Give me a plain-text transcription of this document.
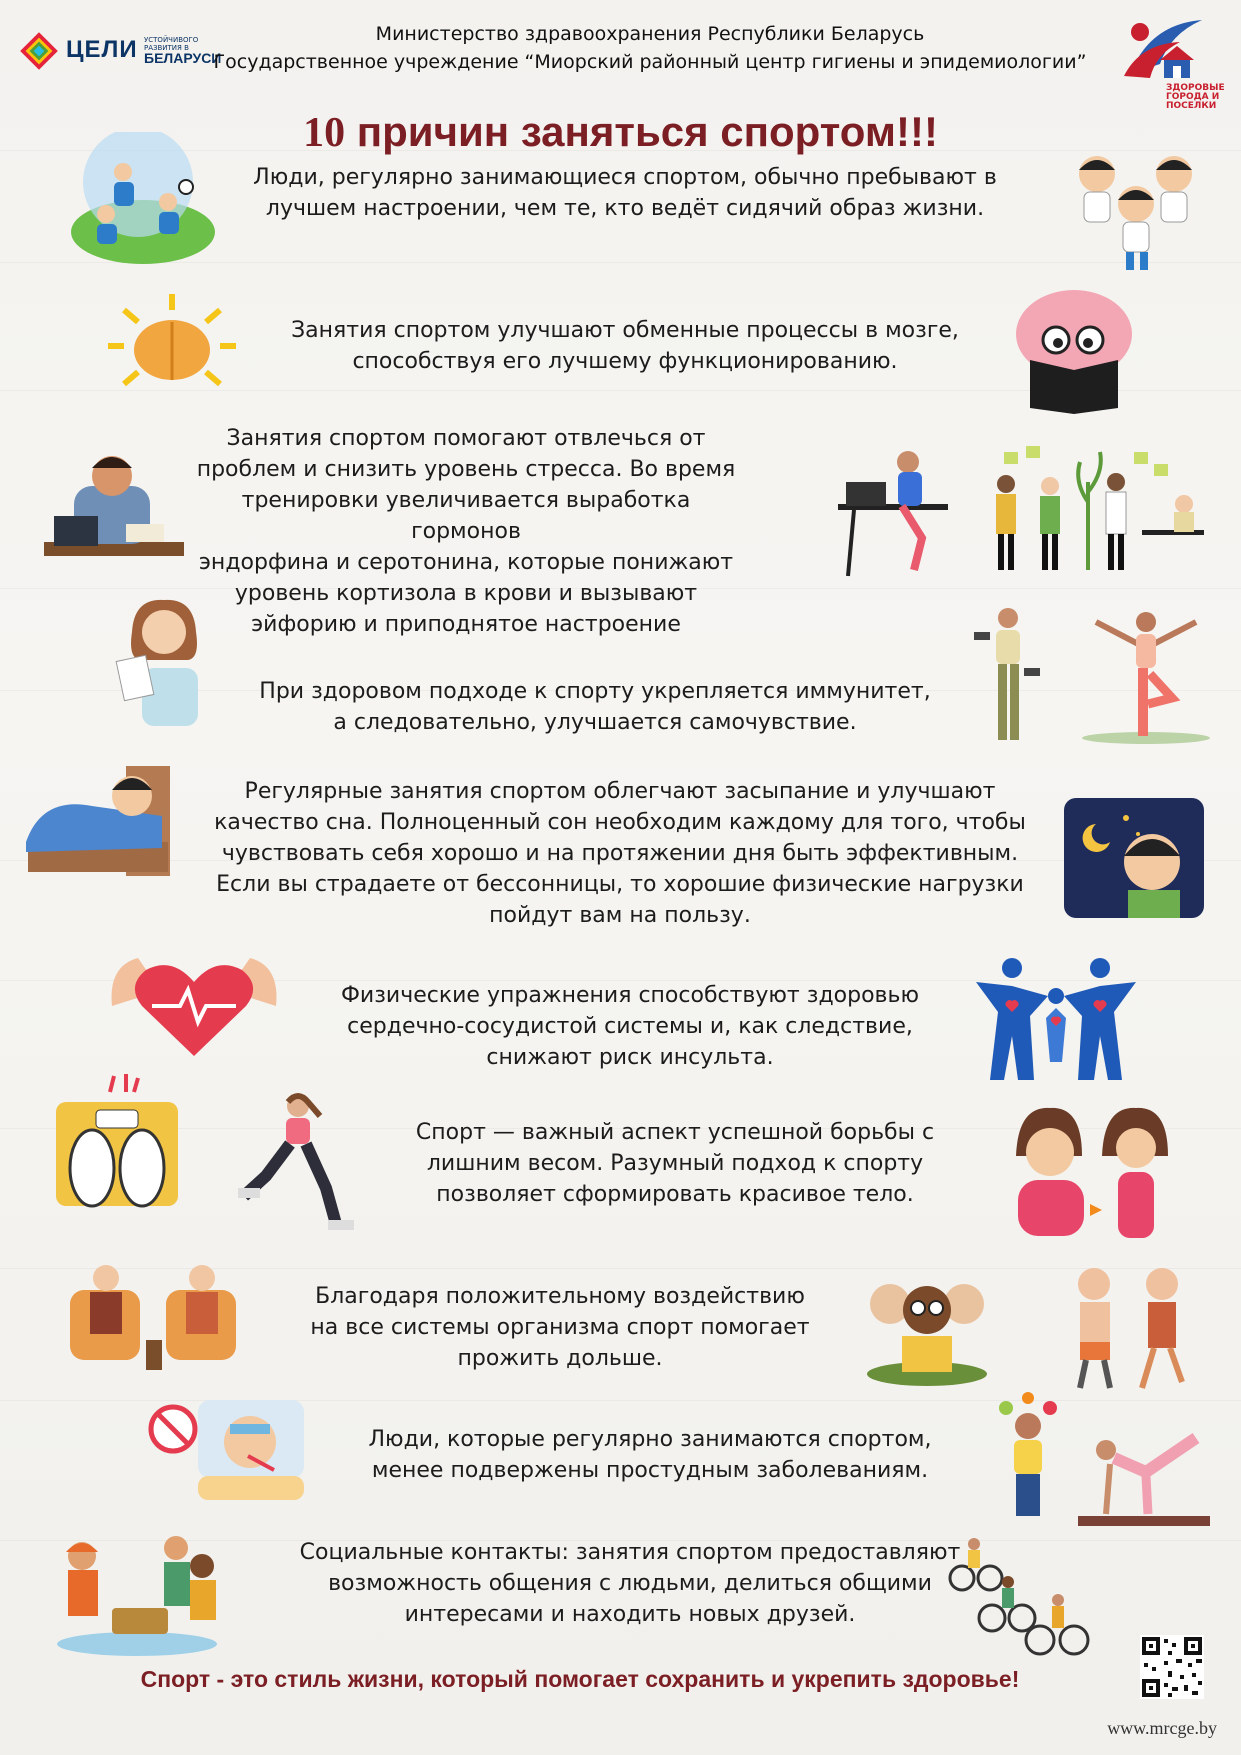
ЦЕЛИ УСТОЙЧИВОГО РАЗВИТИЯ В
БЕЛАРУСИ
Министерство здравоохранения Республики Беларусь
Государственное учреждение “Миорский районный центр гигиены и эпидемиологии”
ЗДОРОВЫЕ ГОРОДА И ПОСЕЛКИ
10 причин заняться спортом!!!
Люди, регулярно занимающиеся спортом, обычно пребывают в
лучшем настроении, чем те, кто ведёт сидячий образ жизни.
Занятия спортом улучшают обменные процессы в мозге,
способствуя его лучшему функционированию.
Занятия спортом помогают отвлечься от
проблем и снизить уровень стресса. Во время
тренировки увеличивается выработка гормонов
эндорфина и серотонина, которые понижают
уровень кортизола в крови и вызывают
эйфорию и приподнятое настроение
При здоровом подходе к спорту укрепляется иммунитет,
а следовательно, улучшается самочувствие.
Регулярные занятия спортом облегчают засыпание и улучшают
качество сна. Полноценный сон необходим каждому для того, чтобы
чувствовать себя хорошо и на протяжении дня быть эффективным.
Если вы страдаете от бессонницы, то хорошие физические нагрузки
пойдут вам на пользу.
Физические упражнения способствуют здоровью
сердечно-сосудистой системы и, как следствие,
снижают риск инсульта.
Спорт — важный аспект успешной борьбы с
лишним весом. Разумный подход к спорту
позволяет сформировать красивое тело.
Благодаря положительному воздействию
на все системы организма спорт помогает
прожить дольше.
Люди, которые регулярно занимаются спортом,
менее подвержены простудным заболеваниям.
Социальные контакты: занятия спортом предоставляют
возможность общения с людьми, делиться общими
интересами и находить новых друзей.
Спорт - это стиль жизни, который помогает сохранить и укрепить здоровье!
www.mrcge.by
